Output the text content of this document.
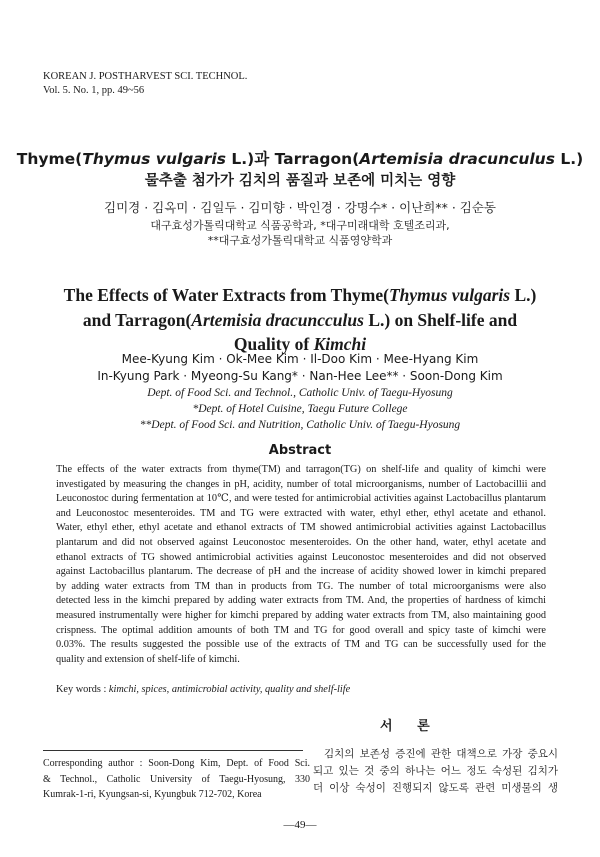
KOREAN J. POSTHARVEST SCI. TECHNOL.
Vol. 5. No. 1, pp. 49~56
Thyme(Thymus vulgaris L.)과 Tarragon(Artemisia dracunculus L.)
물추출 첨가가 김치의 품질과 보존에 미치는 영향
김미경 · 김옥미 · 김일두 · 김미향 · 박인경 · 강명수* · 이난희** · 김순동
대구효성가톨릭대학교 식품공학과, *대구미래대학 호텔조리과,
**대구효성가톨릭대학교 식품영양학과
The Effects of Water Extracts from Thyme(Thymus vulgaris L.)
and Tarragon(Artemisia dracuncculus L.) on Shelf-life and
Quality of Kimchi
Mee-Kyung Kim · Ok-Mee Kim · Il-Doo Kim · Mee-Hyang Kim
In-Kyung Park · Myeong-Su Kang* · Nan-Hee Lee** · Soon-Dong Kim
Dept. of Food Sci. and Technol., Catholic Univ. of Taegu-Hyosung
*Dept. of Hotel Cuisine, Taegu Future College
**Dept. of Food Sci. and Nutrition, Catholic Univ. of Taegu-Hyosung
Abstract
The effects of the water extracts from thyme(TM) and tarragon(TG) on shelf-life and quality of kimchi were
investigated by measuring the changes in pH, acidity, number of total microorganisms, number of Lactobacillii and
Leuconostoc during fermentation at 10℃, and were tested for antimicrobial activities against Lactobacillus plantarum
and Leuconostoc mesenteroides. TM and TG were extracted with water, ethyl ether, ethyl acetate and ethanol.
Water, ethyl ether, ethyl acetate and ethanol extracts of TM showed antimicrobial activities against Lactobacillus
plantarum and did not observed against Leuconostoc mesenteroides. On the other hand, water, ethyl acetate and
ethanol extracts of TG showed antimicrobial activities against Leuconostoc mesenteroides and did not observed
against Lactobacillus plantarum. The decrease of pH and the increase of acidity showed lower in kimchi prepared
by adding water extracts from TM than in products from TG. The number of total microorganisms were also
detected less in the kimchi prepared by adding water extracts from TM. And, the properties of hardness of kimchi
measured instrumentally were higher for kimchi prepared by adding water extracts from TM, also maintaining good
crispness. The optimal addition amounts of both TM and TG for good overall and spicy taste of kimchi were
0.03%. The results suggested the possible use of the extracts of TM and TG can be successfully used for the
quality and extension of shelf-life of kimchi.
Key words : kimchi, spices, antimicrobial activity, quality and shelf-life
서 론
Corresponding author : Soon-Dong Kim, Dept. of Food Sci.
& Technol., Catholic University of Taegu-Hyosung, 330
Kumrak-1-ri, Kyungsan-si, Kyungbuk 712-702, Korea
김치의 보존성 증진에 관한 대책으로 가장 중요시
되고 있는 것 중의 하나는 어느 정도 숙성된 김치가
더 이상 숙성이 진행되지 않도록 관련 미생물의 생
—49—
